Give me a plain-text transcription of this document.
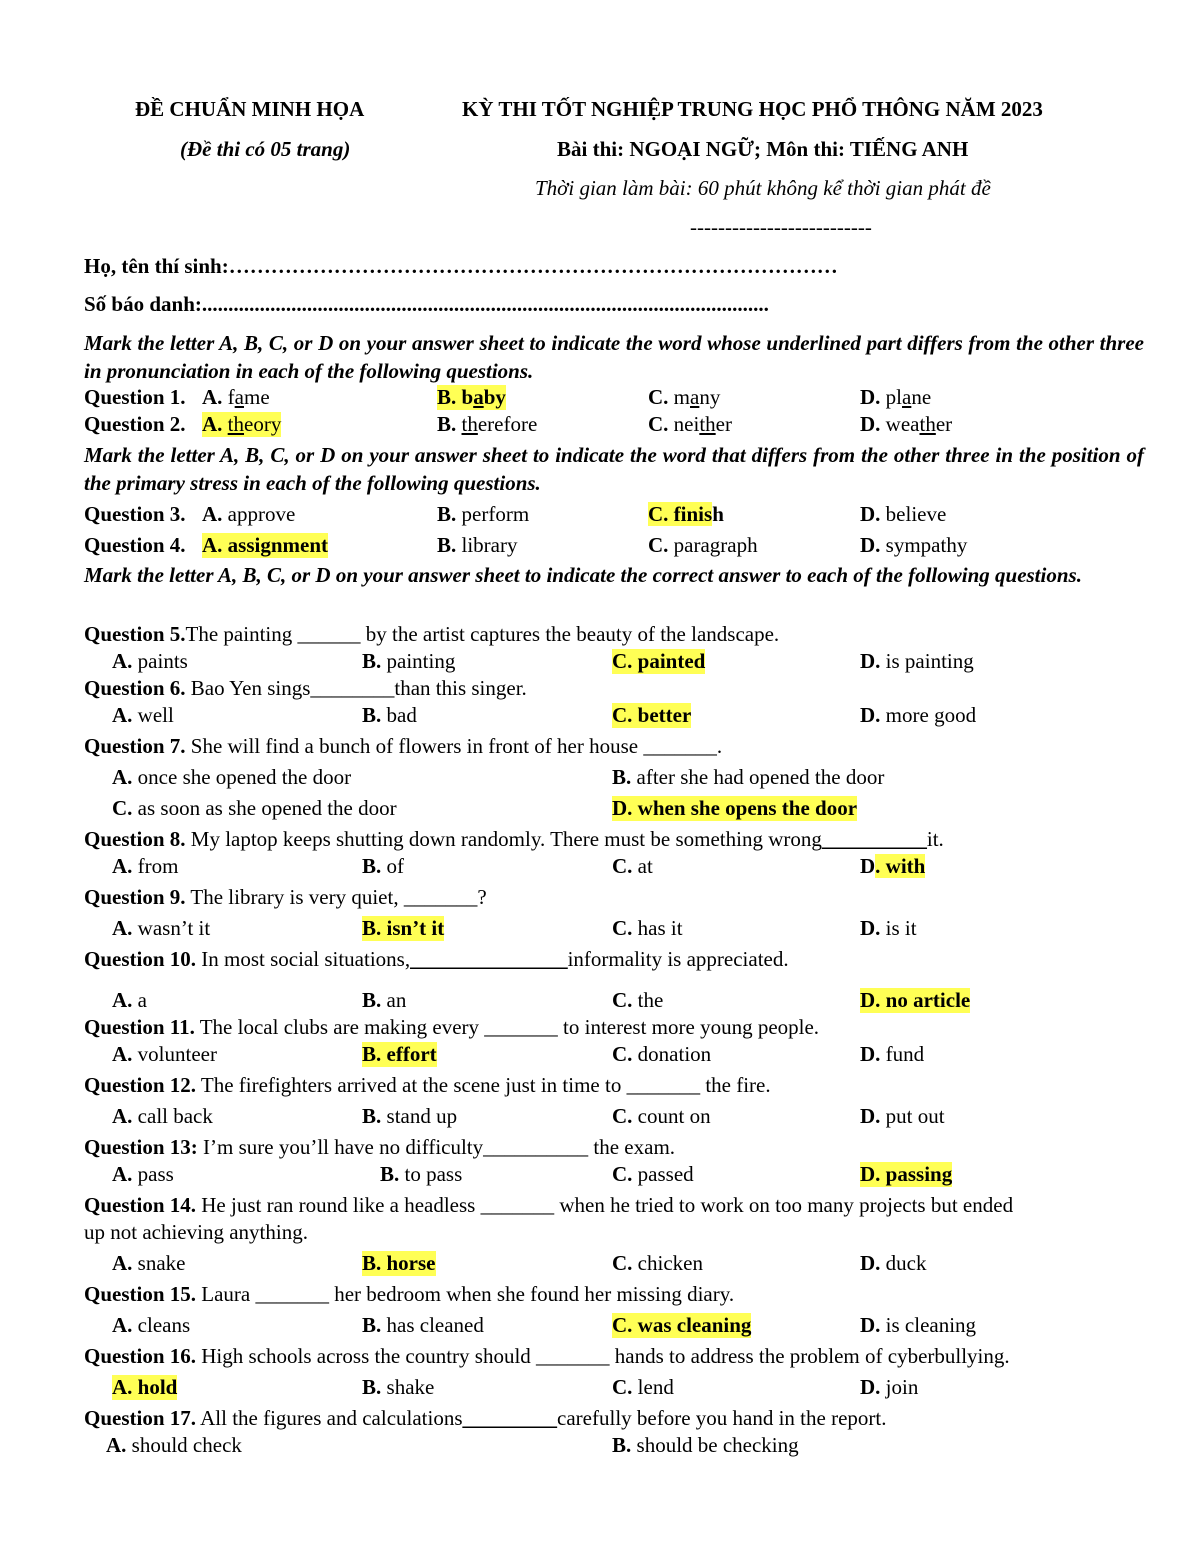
ĐỀ CHUẨN MINH HỌA
(Đề thi có 05 trang)
KỲ THI TỐT NGHIỆP TRUNG HỌC PHỔ THÔNG NĂM 2023
Bài thi: NGOẠI NGỮ; Môn thi: TIẾNG ANH
Thời gian làm bài: 60 phút không kể thời gian phát đề
--------------------------
Họ, tên thí sinh:……………………………………………………………………………
Số báo danh:............................................................................................................
Mark the letter A, B, C, or D on your answer sheet to indicate the word whose underlined part differs from the other three in pronunciation in each of the following questions.
Question 1. A. fame	B. baby	C. many	D. plane
Question 2. A. theory	B. therefore	C. neither	D. weather
Mark the letter A, B, C, or D on your answer sheet to indicate the word that differs from the other three in the position of the primary stress in each of the following questions.
Question 3. A. approve	B. perform	C. finish	D. believe
Question 4. A. assignment	B. library	C. paragraph	D. sympathy
Mark the letter A, B, C, or D on your answer sheet to indicate the correct answer to each of the following questions.
Question 5.The painting ______ by the artist captures the beauty of the landscape.
A. paints	B. painting	C. painted	D. is painting
Question 6. Bao Yen sings________than this singer.
A. well	B. bad	C. better	D. more good
Question 7. She will find a bunch of flowers in front of her house _______.
A. once she opened the door	B. after she had opened the door
C. as soon as she opened the door	D. when she opens the door
Question 8. My laptop keeps shutting down randomly. There must be something wrong__________it.
A. from	B. of	C. at	D. with
Question 9. The library is very quiet, _______?
A. wasn’t it	B. isn’t it	C. has it	D. is it
Question 10. In most social situations,_______________informality is appreciated.
A. a	B. an	C. the	D. no article
Question 11. The local clubs are making every _______ to interest more young people.
A. volunteer	B. effort	C. donation	D. fund
Question 12. The firefighters arrived at the scene just in time to _______ the fire.
A. call back	B. stand up	C. count on	D. put out
Question 13: I’m sure you’ll have no difficulty__________ the exam.
A. pass	B. to pass	C. passed	D. passing
Question 14. He just ran round like a headless _______ when he tried to work on too many projects but ended
up not achieving anything.
A. snake	B. horse	C. chicken	D. duck
Question 15. Laura _______ her bedroom when she found her missing diary.
A. cleans	B. has cleaned	C. was cleaning	D. is cleaning
Question 16. High schools across the country should _______ hands to address the problem of cyberbullying.
A. hold	B. shake	C. lend	D. join
Question 17. All the figures and calculations_________carefully before you hand in the report.
A. should check	B. should be checking
